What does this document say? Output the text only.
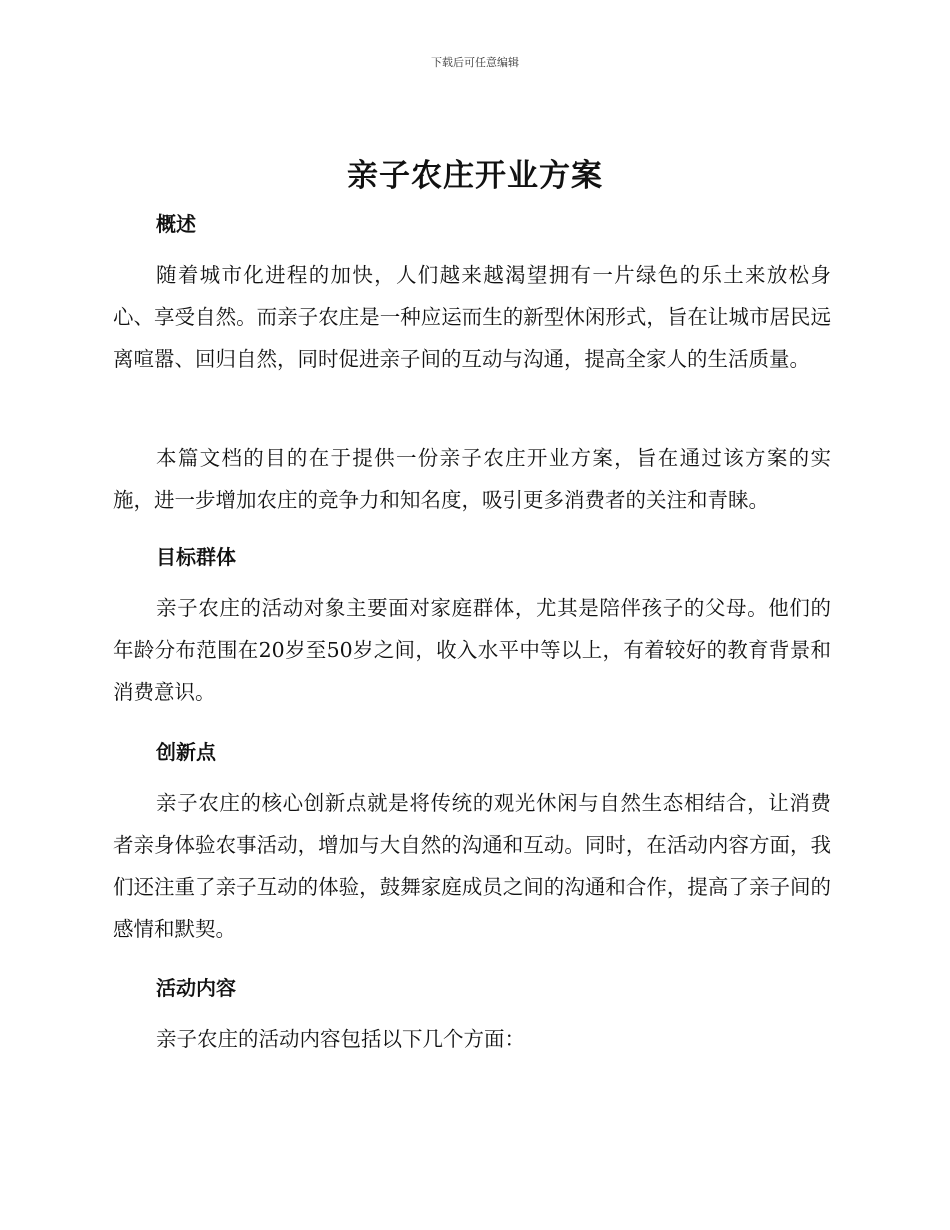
下载后可任意编辑
亲子农庄开业方案
概述

随着城市化进程的加快，人们越来越渴望拥有一片绿色的乐土来放松身心、享受自然。而亲子农庄是一种应运而生的新型休闲形式，旨在让城市居民远离喧嚣、回归自然，同时促进亲子间的互动与沟通，提高全家人的生活质量。

本篇文档的目的在于提供一份亲子农庄开业方案，旨在通过该方案的实施，进一步增加农庄的竞争力和知名度，吸引更多消费者的关注和青睐。

目标群体

亲子农庄的活动对象主要面对家庭群体，尤其是陪伴孩子的父母。他们的年龄分布范围在20岁至50岁之间，收入水平中等以上，有着较好的教育背景和消费意识。

创新点

亲子农庄的核心创新点就是将传统的观光休闲与自然生态相结合，让消费者亲身体验农事活动，增加与大自然的沟通和互动。同时，在活动内容方面，我们还注重了亲子互动的体验，鼓舞家庭成员之间的沟通和合作，提高了亲子间的感情和默契。

活动内容

亲子农庄的活动内容包括以下几个方面：
